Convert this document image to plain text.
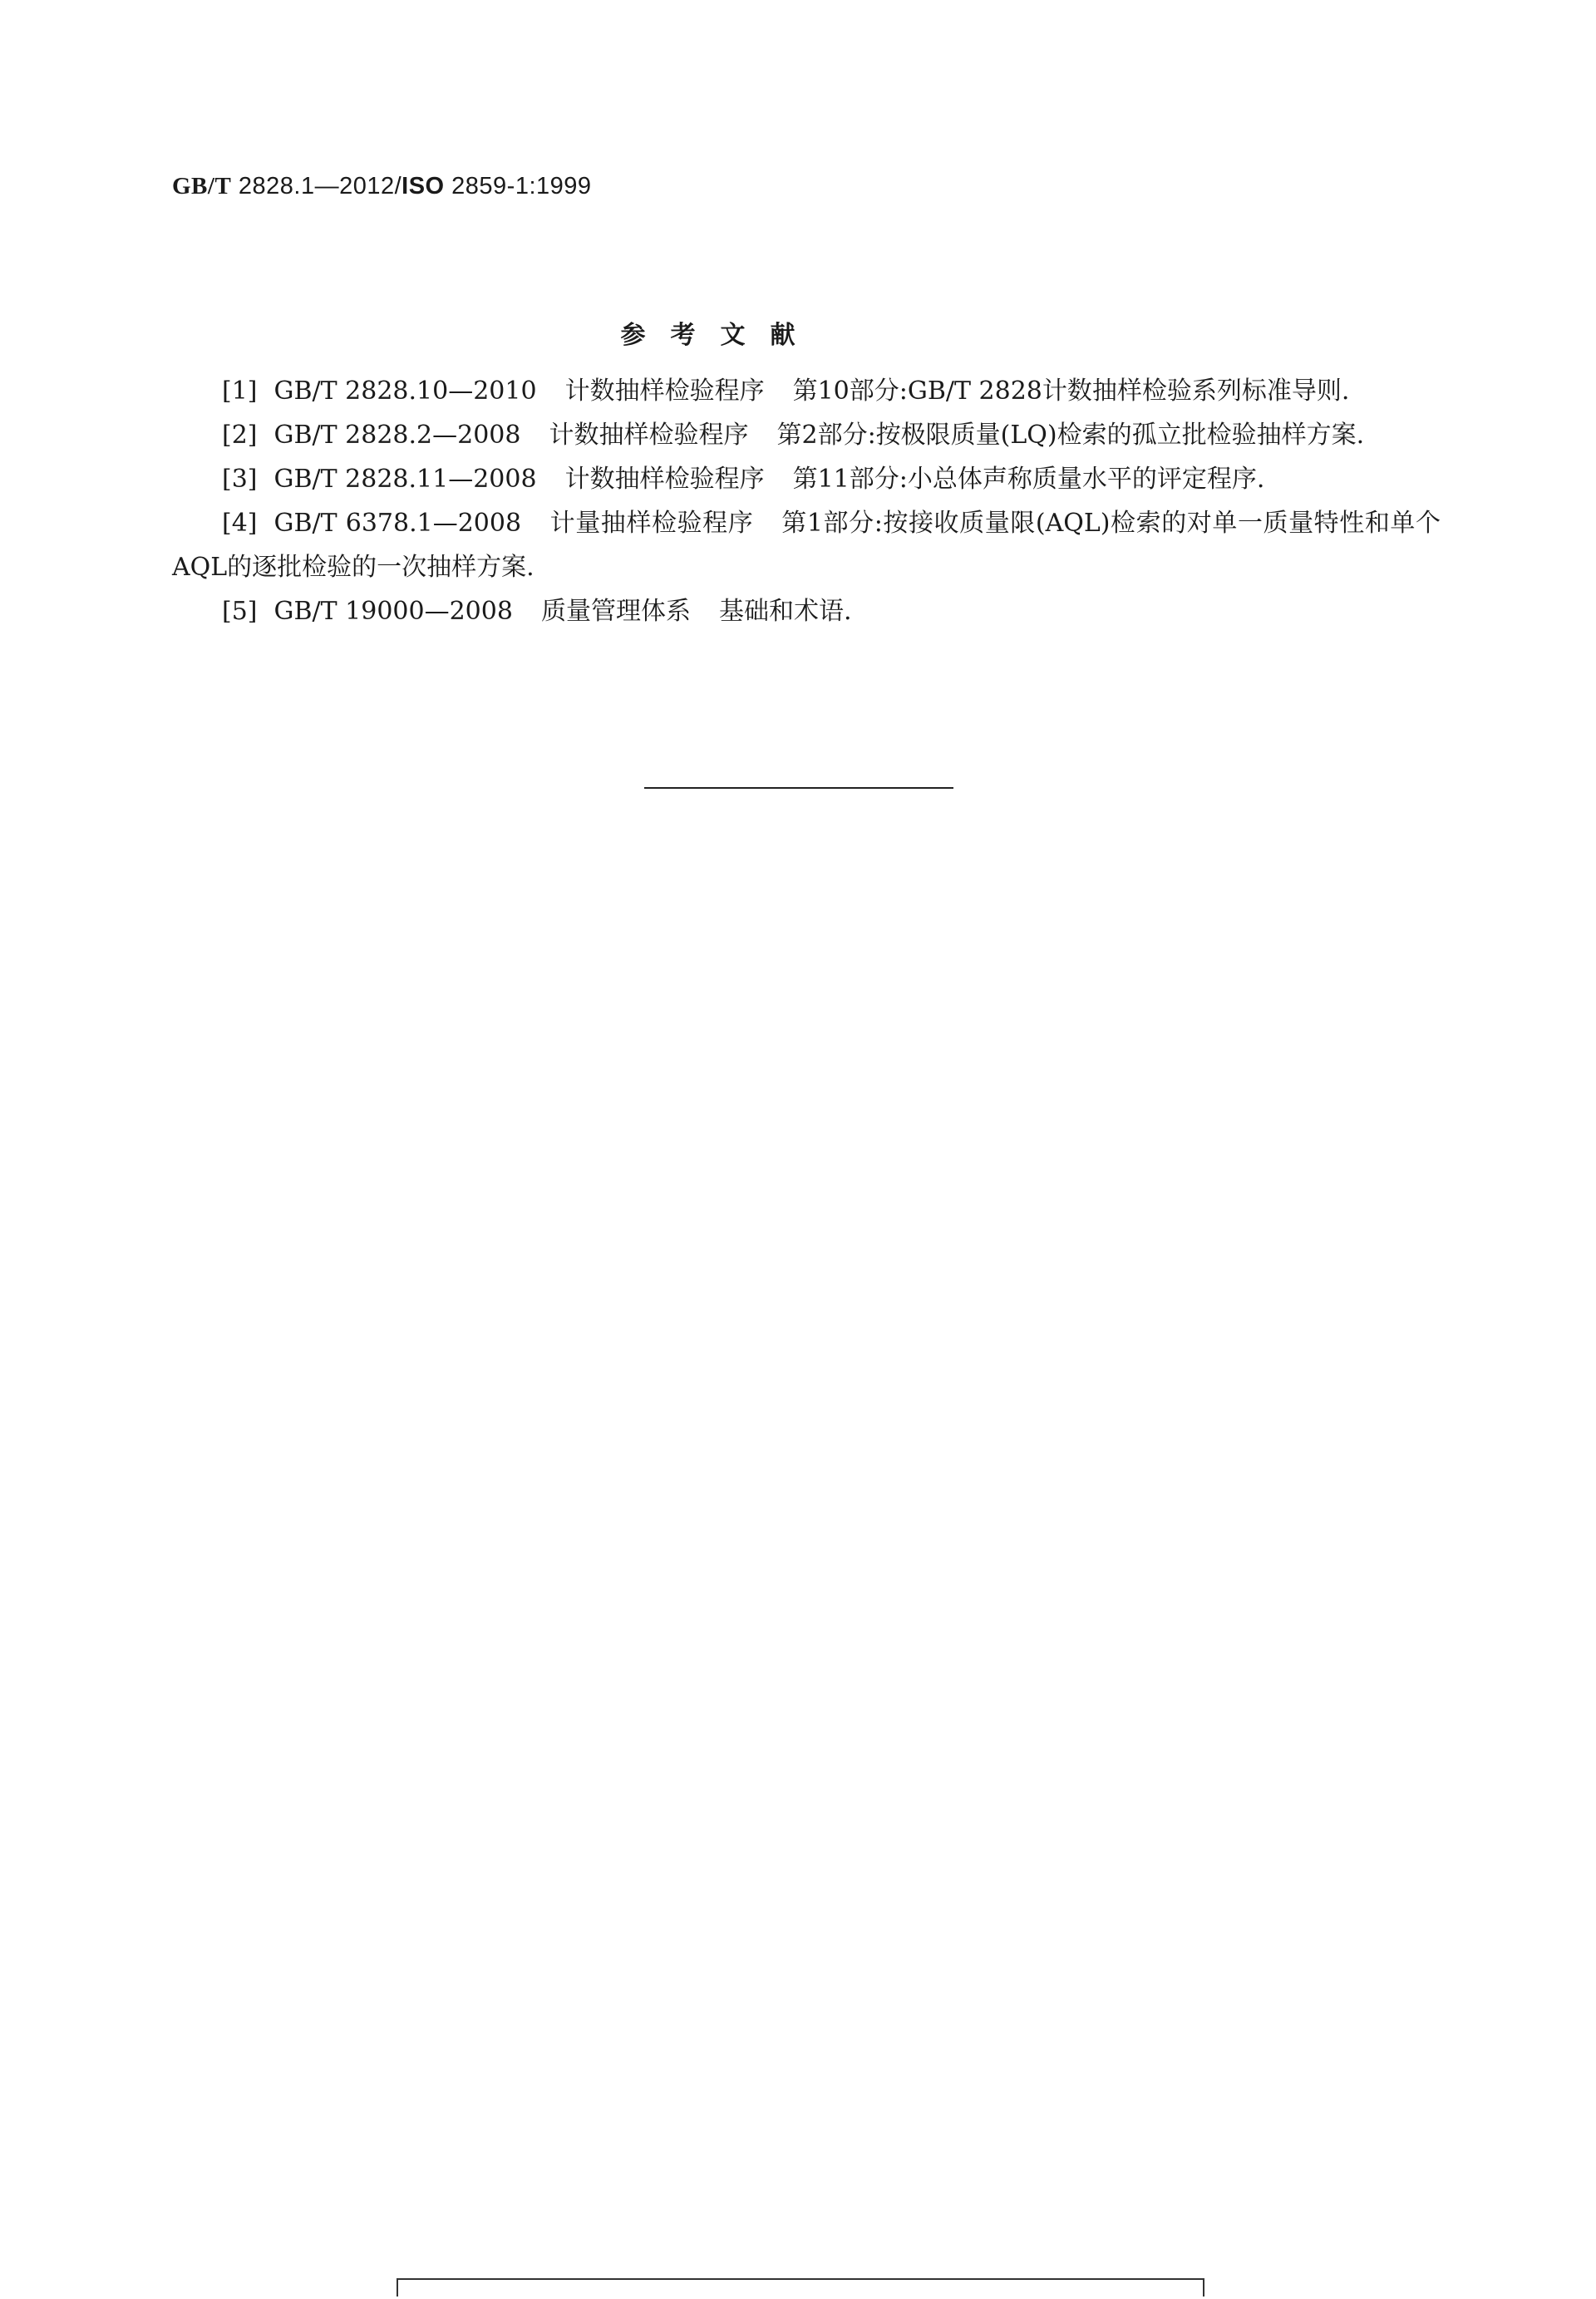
GB/T 2828.1—2012/ISO 2859-1:1999
参考文献

[1] GB/T 2828.10—2010 计数抽样检验程序 第10部分:GB/T 2828计数抽样检验系列标准导则.

[2] GB/T 2828.2—2008 计数抽样检验程序 第2部分:按极限质量(LQ)检索的孤立批检验抽样方案.

[3] GB/T 2828.11—2008 计数抽样检验程序 第11部分:小总体声称质量水平的评定程序.

[4] GB/T 6378.1—2008 计量抽样检验程序 第1部分:按接收质量限(AQL)检索的对单一质量特性和单个AQL的逐批检验的一次抽样方案.

[5] GB/T 19000—2008 质量管理体系 基础和术语.
